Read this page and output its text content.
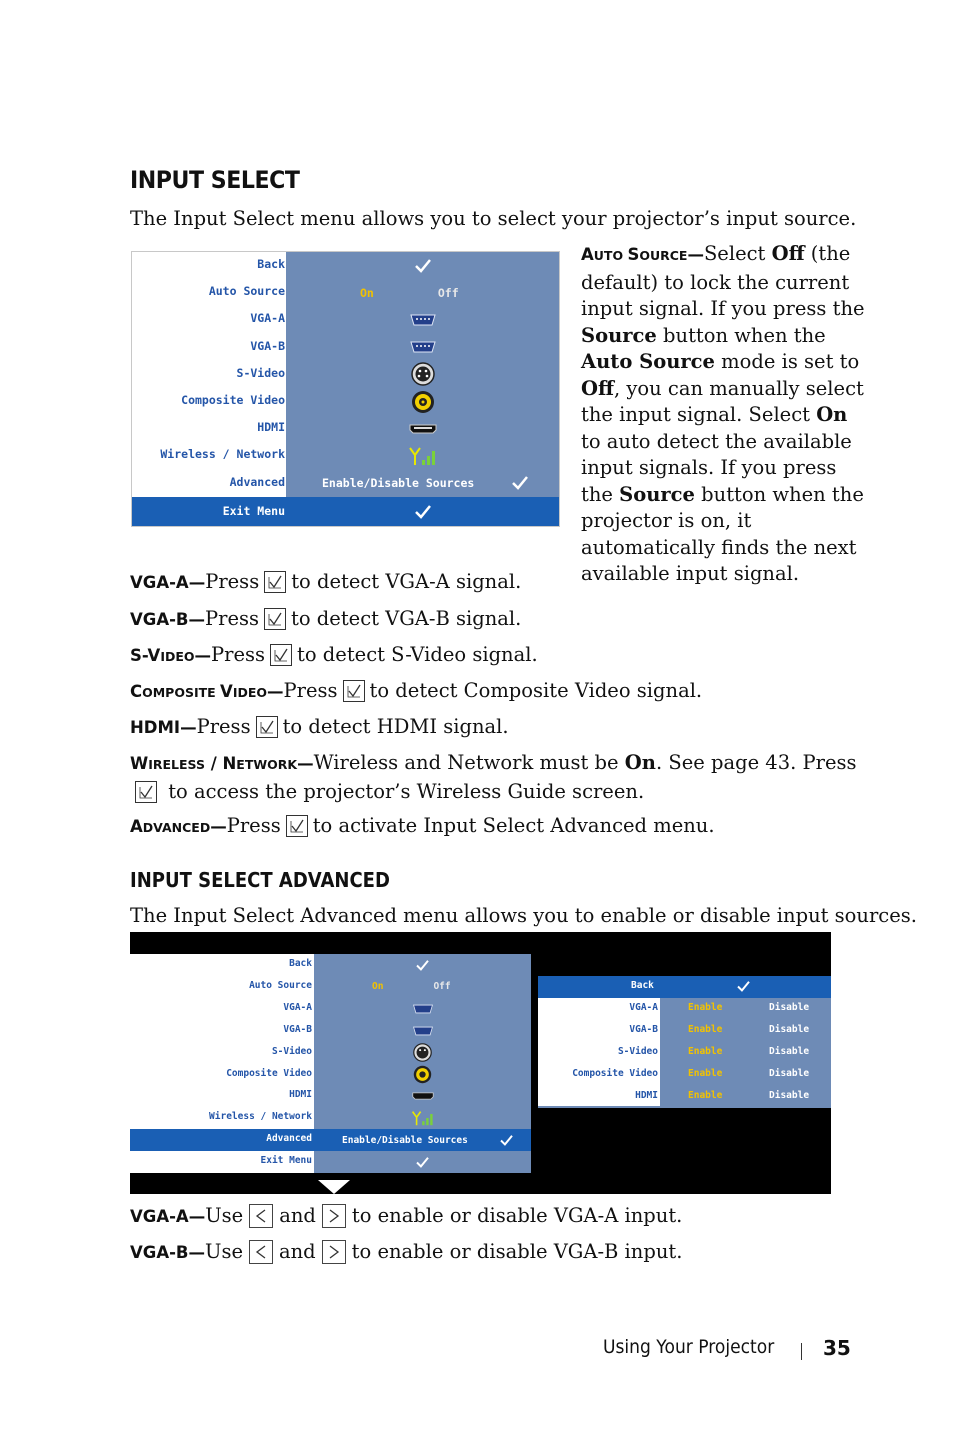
INPUT SELECT
The Input Select menu allows you to select your projector’s input source.
Back
Auto Source	On	Off
VGA-A
VGA-B
S-Video
Composite Video
HDMI
Wireless / Network
Advanced	Enable/Disable Sources
Exit Menu
AUTO SOURCE—Select Off (the default) to lock the current input signal. If you press the Source button when the Auto Source mode is set to Off, you can manually select the input signal. Select On to auto detect the available input signals. If you press the Source button when the projector is on, it automatically finds the next available input signal.
VGA-A—Press to detect VGA-A signal.
VGA-B—Press to detect VGA-B signal.
S-VIDEO—Press to detect S-Video signal.
COMPOSITE VIDEO—Press to detect Composite Video signal.
HDMI—Press to detect HDMI signal.
WIRELESS / NETWORK—Wireless and Network must be On. See page 43. Press
to access the projector’s Wireless Guide screen.
ADVANCED—Press to activate Input Select Advanced menu.
INPUT SELECT ADVANCED
The Input Select Advanced menu allows you to enable or disable input sources.
Back
Auto Source	On	Off
VGA-A
VGA-B
S-Video
Composite Video
HDMI
Wireless / Network
Advanced	Enable/Disable Sources
Exit Menu
Back
VGA-A	Enable	Disable
VGA-B	Enable	Disable
S-Video	Enable	Disable
Composite Video	Enable	Disable
HDMI	Enable	Disable
VGA-A—Use and to enable or disable VGA-A input.
VGA-B—Use and to enable or disable VGA-B input.
Using Your Projector 35
